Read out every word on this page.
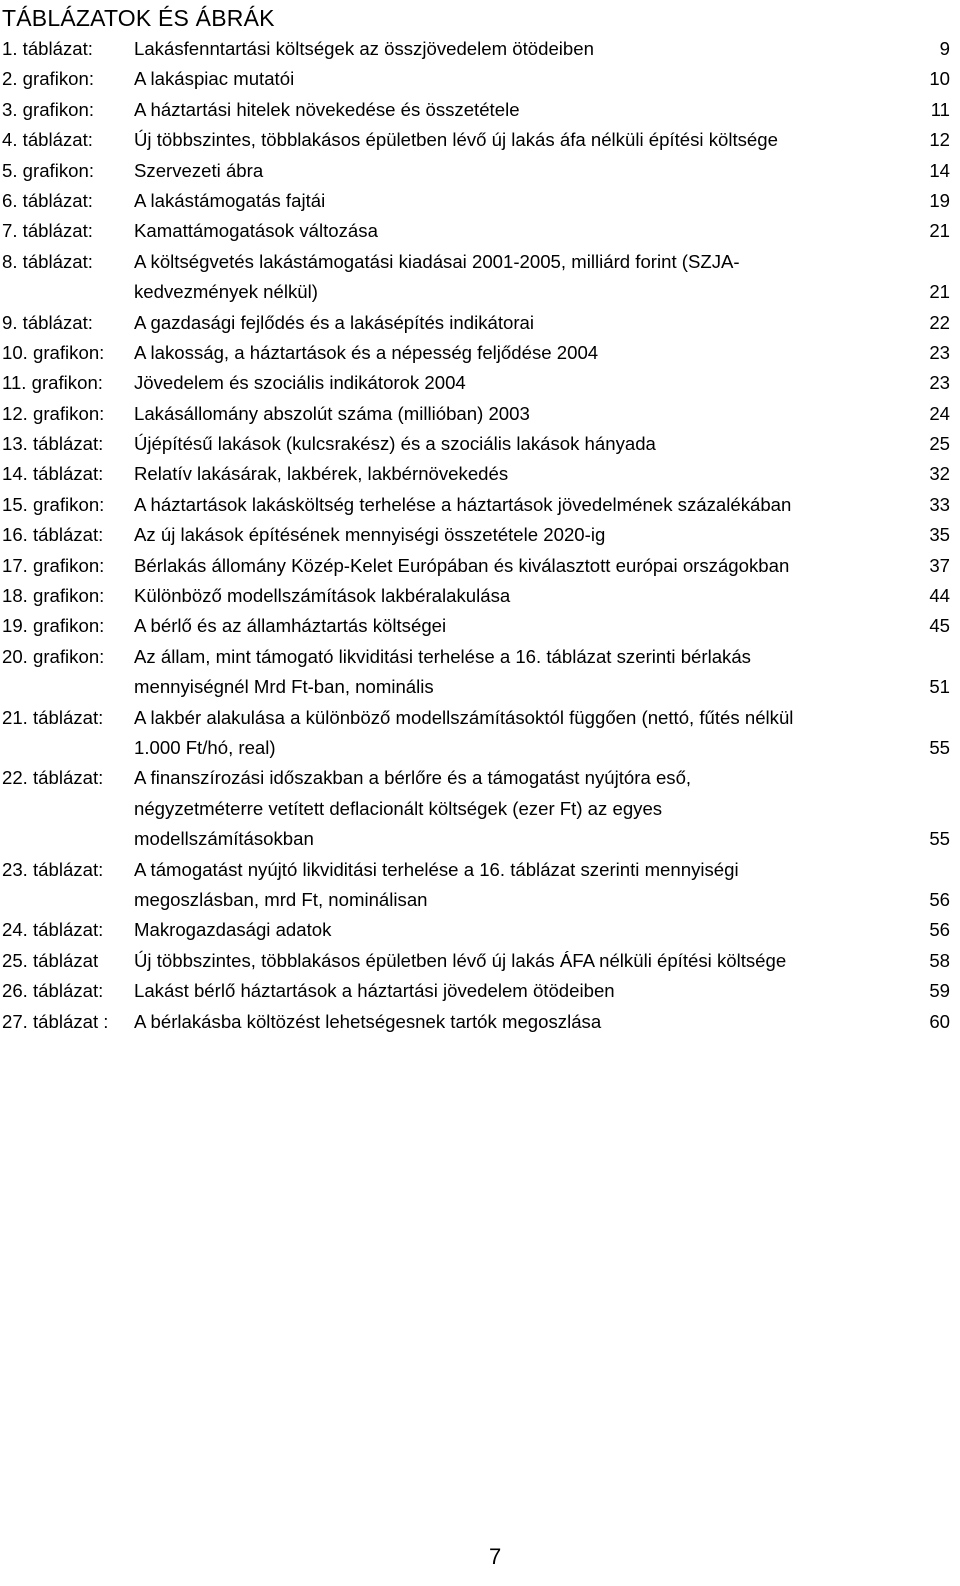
TÁBLÁZATOK ÉS ÁBRÁK
1. táblázat: Lakásfenntartási költségek az összjövedelem ötödeiben	9
2. grafikon: A lakáspiac mutatói	10
3. grafikon: A háztartási hitelek növekedése és összetétele	11
4. táblázat: Új többszintes, többlakásos épületben lévő új lakás áfa nélküli építési költsége	12
5. grafikon: Szervezeti ábra	14
6. táblázat: A lakástámogatás fajtái	19
7. táblázat: Kamattámogatások változása	21
8. táblázat: A költségvetés lakástámogatási kiadásai 2001-2005, milliárd forint (SZJA-
kedvezmények nélkül)	21
9. táblázat: A gazdasági fejlődés és a lakásépítés indikátorai	22
10. grafikon: A lakosság, a háztartások és a népesség feljődése 2004	23
11. grafikon: Jövedelem és szociális indikátorok 2004	23
12. grafikon: Lakásállomány abszolút száma (millióban) 2003	24
13. táblázat: Újépítésű lakások (kulcsrakész) és a szociális lakások hányada	25
14. táblázat: Relatív lakásárak, lakbérek, lakbérnövekedés	32
15. grafikon: A háztartások lakásköltség terhelése a háztartások jövedelmének százalékában	33
16. táblázat: Az új lakások építésének mennyiségi összetétele 2020-ig	35
17. grafikon: Bérlakás állomány Közép-Kelet Európában és kiválasztott európai országokban	37
18. grafikon: Különböző modellszámítások lakbéralakulása	44
19. grafikon: A bérlő és az államháztartás költségei	45
20. grafikon: Az állam, mint támogató likviditási terhelése a 16. táblázat szerinti bérlakás
mennyiségnél Mrd Ft-ban, nominális	51
21. táblázat: A lakbér alakulása a különböző modellszámításoktól függően (nettó, fűtés nélkül
1.000 Ft/hó, real)	55
22. táblázat: A finanszírozási időszakban a bérlőre és a támogatást nyújtóra eső,
négyzetméterre vetített deflacionált költségek (ezer Ft) az egyes
modellszámításokban	55
23. táblázat: A támogatást nyújtó likviditási terhelése a 16. táblázat szerinti mennyiségi
megoszlásban, mrd Ft, nominálisan	56
24. táblázat: Makrogazdasági adatok	56
25. táblázat Új többszintes, többlakásos épületben lévő új lakás ÁFA nélküli építési költsége	58
26. táblázat: Lakást bérlő háztartások a háztartási jövedelem ötödeiben	59
27. táblázat : A bérlakásba költözést lehetségesnek tartók megoszlása	60
7
